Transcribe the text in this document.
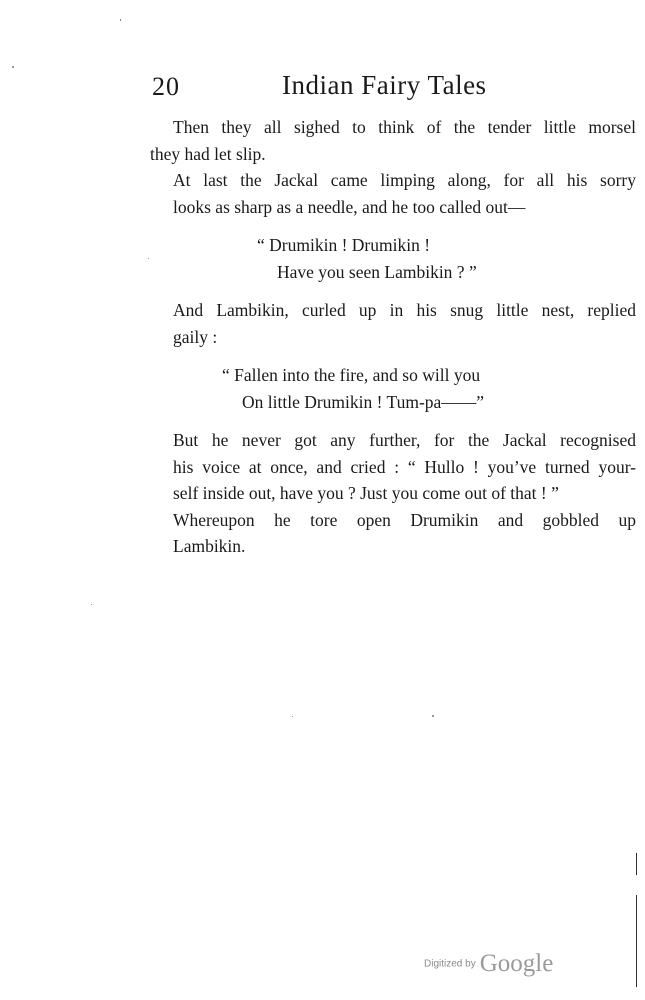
20	Indian Fairy Tales

Then they all sighed to think of the tender little morsel
they had let slip.

At last the Jackal came limping along, for all his sorry
looks as sharp as a needle, and he too called out—

“ Drumikin ! Drumikin !
Have you seen Lambikin ? ”

And Lambikin, curled up in his snug little nest, replied
gaily :

“ Fallen into the fire, and so will you
On little Drumikin ! Tum-pa——”

But he never got any further, for the Jackal recognised
his voice at once, and cried : “ Hullo ! you’ve turned your-
self inside out, have you ? Just you come out of that ! ”

Whereupon he tore open Drumikin and gobbled up
Lambikin.

Digitized by Google
